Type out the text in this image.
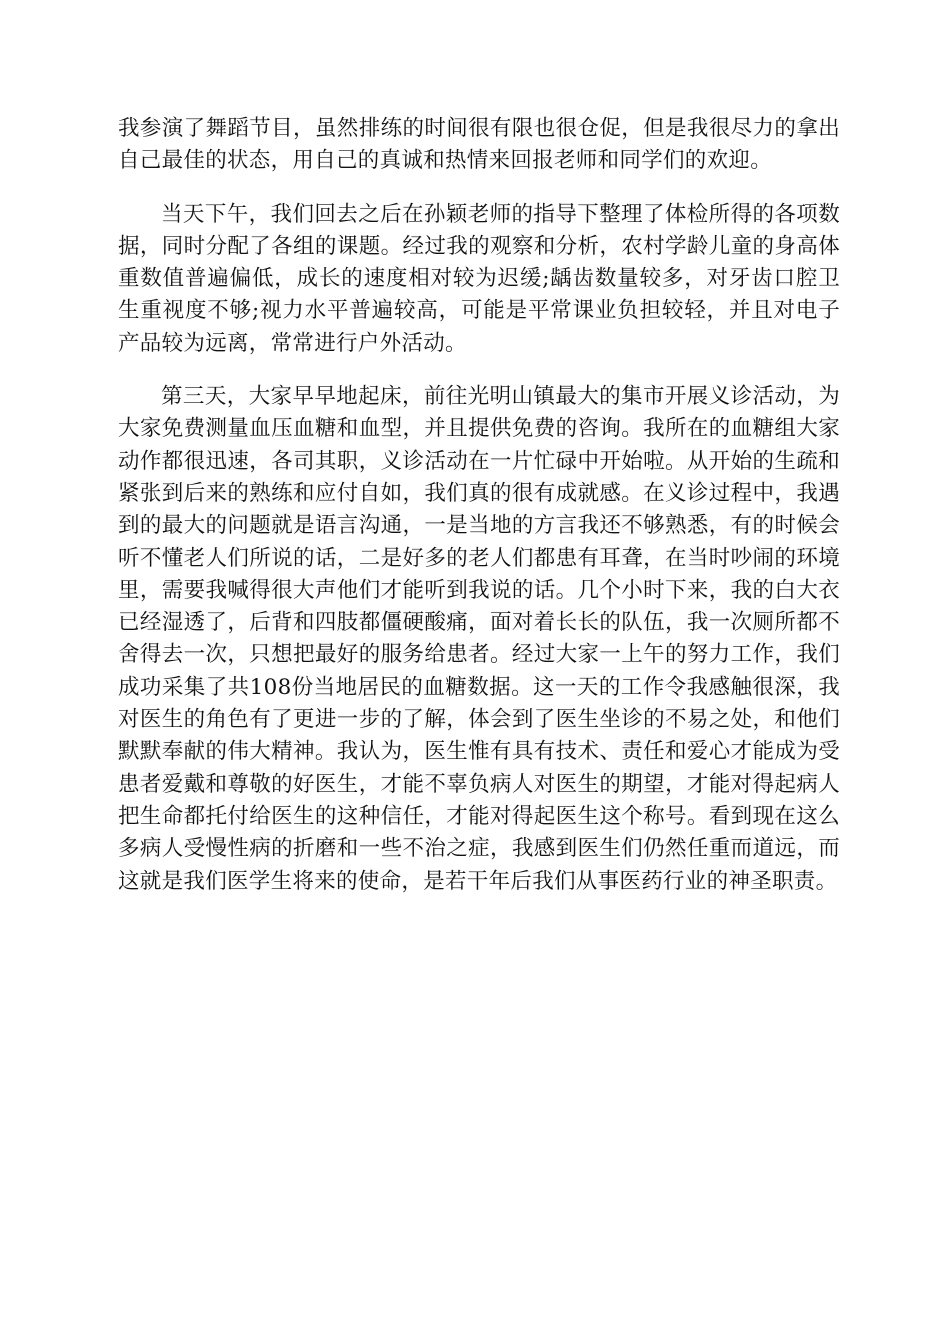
我参演了舞蹈节目，虽然排练的时间很有限也很仓促，但是我很尽力的拿出自己最佳的状态，用自己的真诚和热情来回报老师和同学们的欢迎。

当天下午，我们回去之后在孙颖老师的指导下整理了体检所得的各项数据，同时分配了各组的课题。经过我的观察和分析，农村学龄儿童的身高体重数值普遍偏低，成长的速度相对较为迟缓;龋齿数量较多，对牙齿口腔卫生重视度不够;视力水平普遍较高，可能是平常课业负担较轻，并且对电子产品较为远离，常常进行户外活动。

第三天，大家早早地起床，前往光明山镇最大的集市开展义诊活动，为大家免费测量血压血糖和血型，并且提供免费的咨询。我所在的血糖组大家动作都很迅速，各司其职，义诊活动在一片忙碌中开始啦。从开始的生疏和紧张到后来的熟练和应付自如，我们真的很有成就感。在义诊过程中，我遇到的最大的问题就是语言沟通，一是当地的方言我还不够熟悉，有的时候会听不懂老人们所说的话，二是好多的老人们都患有耳聋，在当时吵闹的环境里，需要我喊得很大声他们才能听到我说的话。几个小时下来，我的白大衣已经湿透了，后背和四肢都僵硬酸痛，面对着长长的队伍，我一次厕所都不舍得去一次，只想把最好的服务给患者。经过大家一上午的努力工作，我们成功采集了共108份当地居民的血糖数据。这一天的工作令我感触很深，我对医生的角色有了更进一步的了解，体会到了医生坐诊的不易之处，和他们默默奉献的伟大精神。我认为，医生惟有具有技术、责任和爱心才能成为受患者爱戴和尊敬的好医生，才能不辜负病人对医生的期望，才能对得起病人把生命都托付给医生的这种信任，才能对得起医生这个称号。看到现在这么多病人受慢性病的折磨和一些不治之症，我感到医生们仍然任重而道远，而这就是我们医学生将来的使命，是若干年后我们从事医药行业的神圣职责。
